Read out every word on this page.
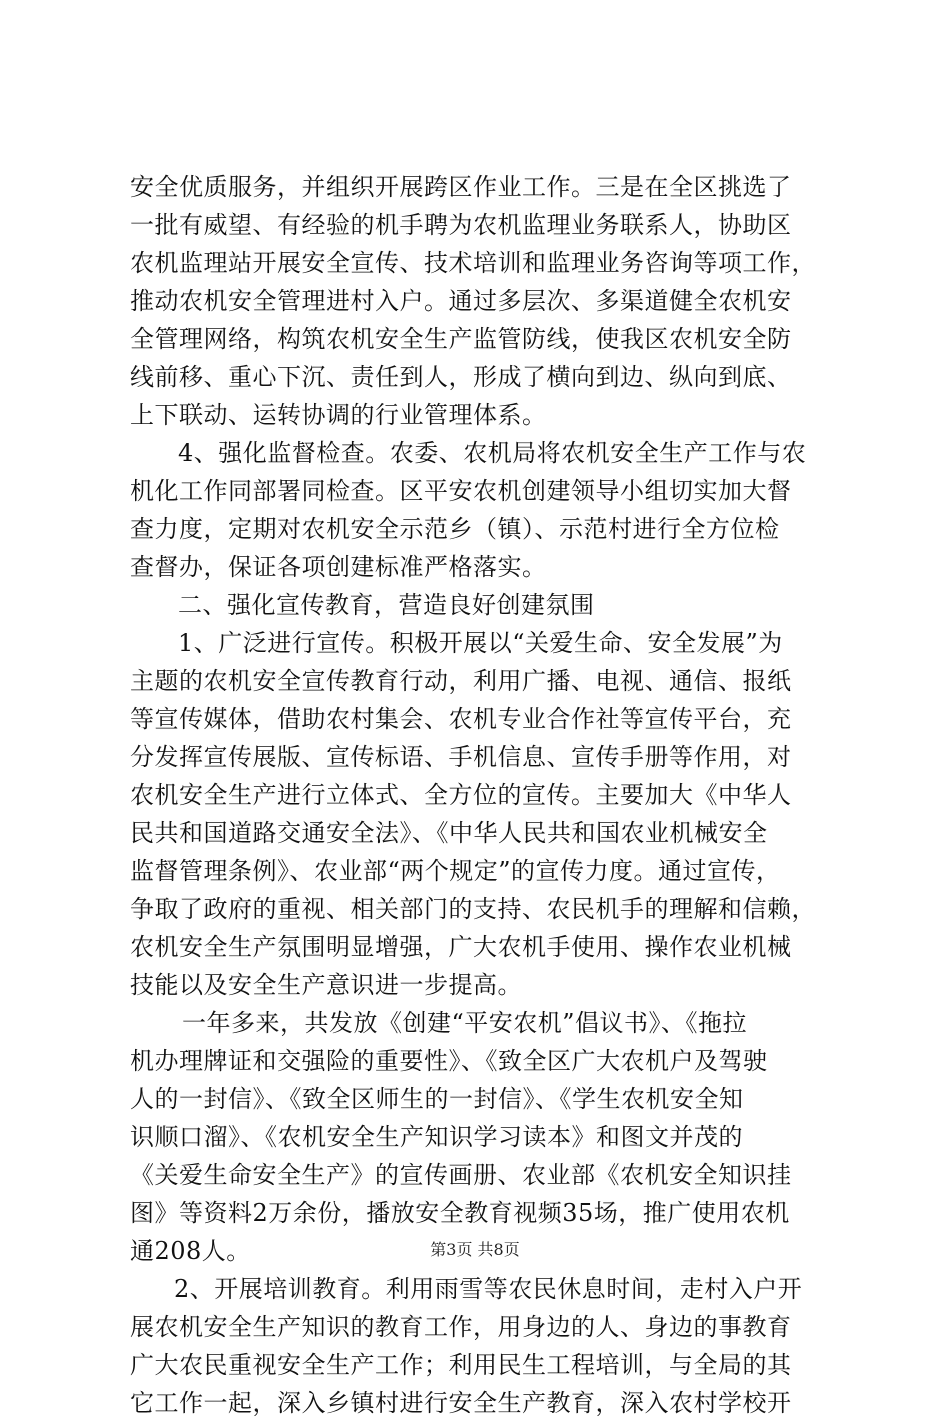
安全优质服务，并组织开展跨区作业工作。三是在全区挑选了
一批有威望、有经验的机手聘为农机监理业务联系人，协助区
农机监理站开展安全宣传、技术培训和监理业务咨询等项工作，
推动农机安全管理进村入户。通过多层次、多渠道健全农机安
全管理网络，构筑农机安全生产监管防线，使我区农机安全防
线前移、重心下沉、责任到人，形成了横向到边、纵向到底、
上下联动、运转协调的行业管理体系。
4、强化监督检查。农委、农机局将农机安全生产工作与农
机化工作同部署同检查。区平安农机创建领导小组切实加大督
查力度，定期对农机安全示范乡（镇）、示范村进行全方位检
查督办，保证各项创建标准严格落实。
二、强化宣传教育，营造良好创建氛围
1、广泛进行宣传。积极开展以“关爱生命、安全发展”为
主题的农机安全宣传教育行动，利用广播、电视、通信、报纸
等宣传媒体，借助农村集会、农机专业合作社等宣传平台，充
分发挥宣传展版、宣传标语、手机信息、宣传手册等作用，对
农机安全生产进行立体式、全方位的宣传。主要加大《中华人
民共和国道路交通安全法》、《中华人民共和国农业机械安全
监督管理条例》、农业部“两个规定”的宣传力度。通过宣传，
争取了政府的重视、相关部门的支持、农民机手的理解和信赖，
农机安全生产氛围明显增强，广大农机手使用、操作农业机械
技能以及安全生产意识进一步提高。
一年多来，共发放《创建“平安农机”倡议书》、《拖拉
机办理牌证和交强险的重要性》、《致全区广大农机户及驾驶
人的一封信》、《致全区师生的一封信》、《学生农机安全知
识顺口溜》、《农机安全生产知识学习读本》和图文并茂的
《关爱生命安全生产》的宣传画册、农业部《农机安全知识挂
图》等资料2万余份，播放安全教育视频35场，推广使用农机
通208人。
2、开展培训教育。利用雨雪等农民休息时间，走村入户开
展农机安全生产知识的教育工作，用身边的人、身边的事教育
广大农民重视安全生产工作；利用民生工程培训，与全局的其
它工作一起，深入乡镇村进行安全生产教育，深入农村学校开
第3页 共8页
